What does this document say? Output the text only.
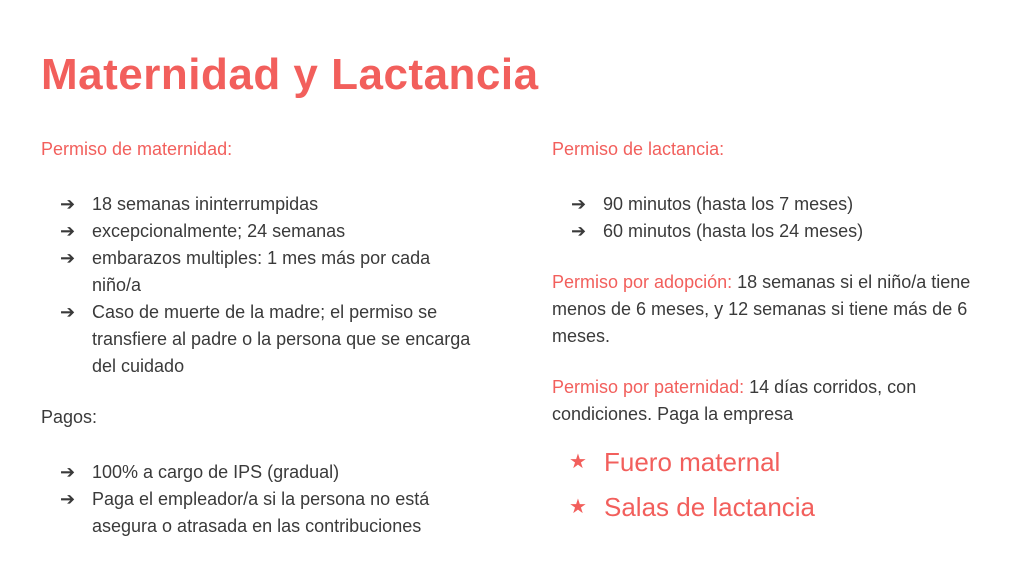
Maternidad y Lactancia
Permiso de maternidad:
➔ 18 semanas ininterrumpidas
➔ excepcionalmente; 24 semanas
➔ embarazos multiples: 1 mes más por cada niño/a
➔ Caso de muerte de la madre; el permiso se transfiere al padre o la persona que se encarga del cuidado
Pagos:
➔ 100% a cargo de IPS (gradual)
➔ Paga el empleador/a si la persona no está asegura o atrasada en las contribuciones
Permiso de lactancia:
➔ 90 minutos (hasta los 7 meses)
➔ 60 minutos (hasta los 24 meses)

Permiso por adopción: 18 semanas si el niño/a tiene menos de 6 meses, y 12 semanas si tiene más de 6 meses.

Permiso por paternidad: 14 días corridos, con condiciones. Paga la empresa

★ Fuero maternal
★ Salas de lactancia
